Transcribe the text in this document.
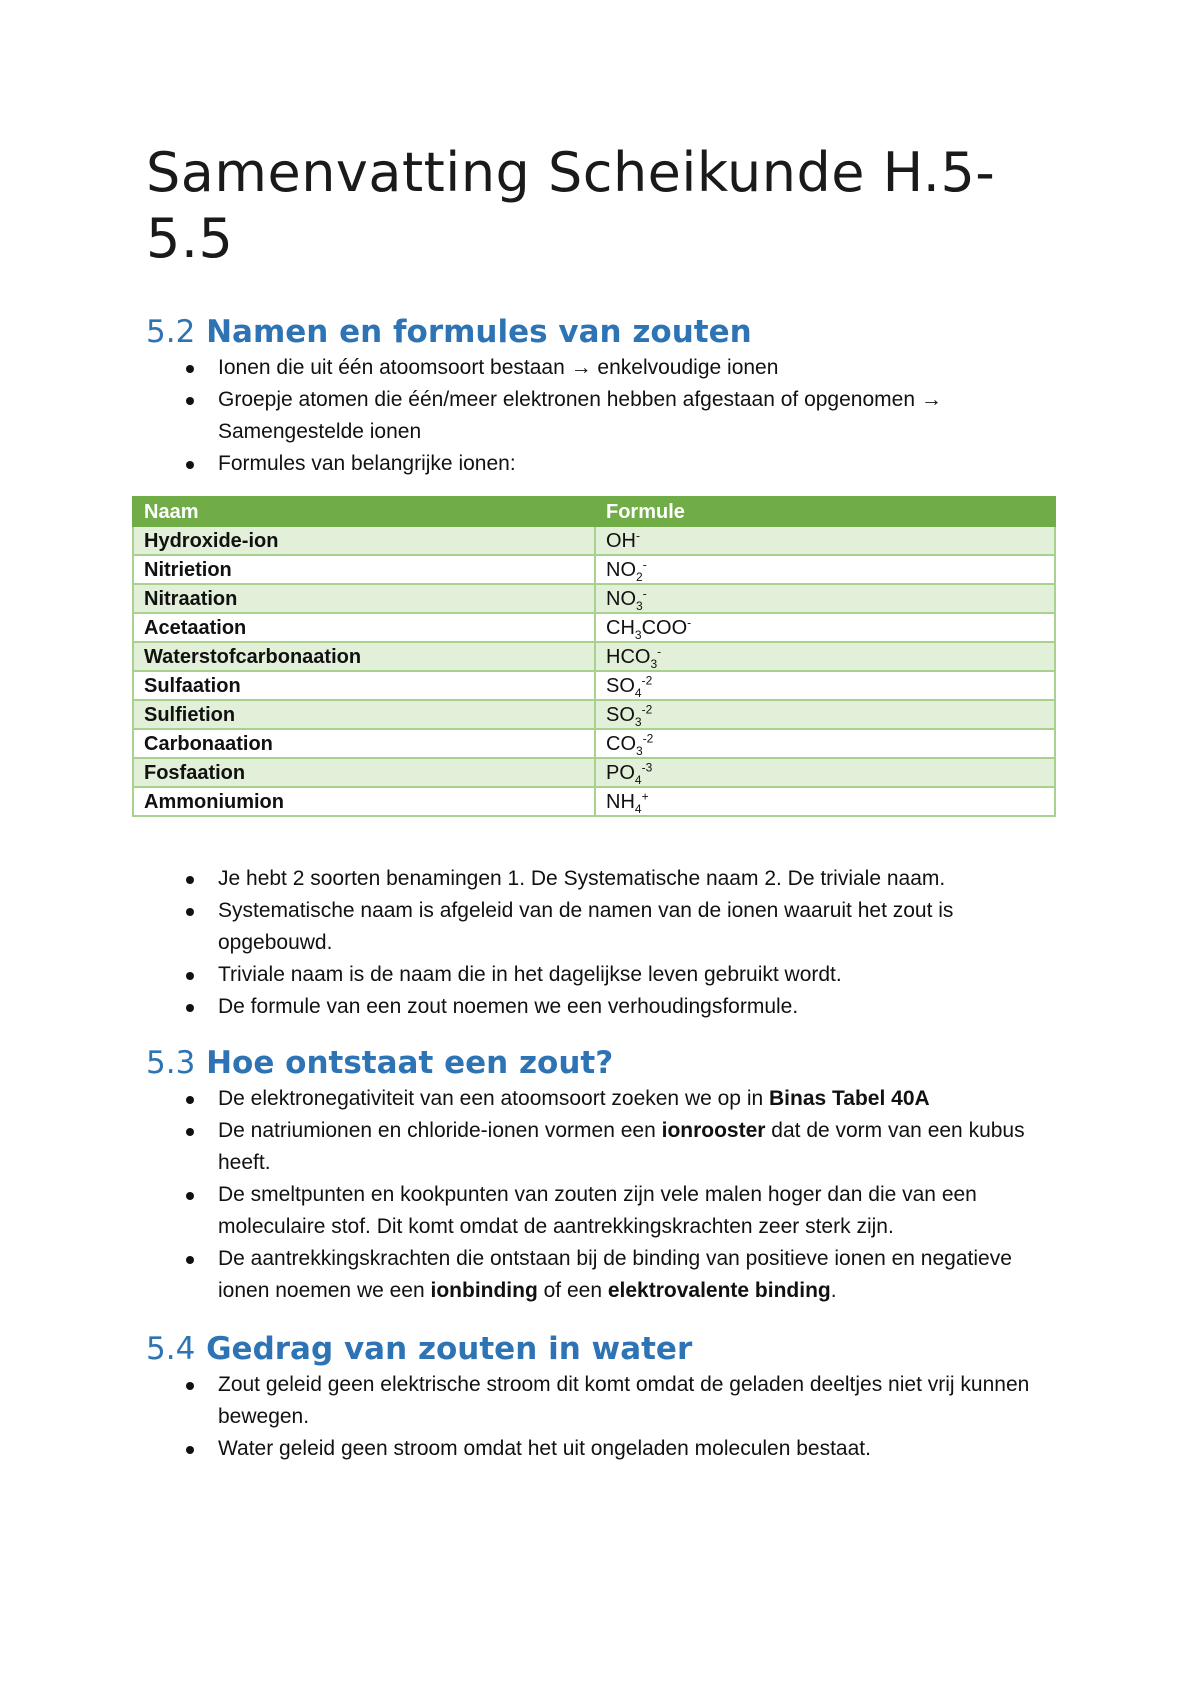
Samenvatting Scheikunde H.5-
5.5
5.2 Namen en formules van zouten
Ionen die uit één atoomsoort bestaan → enkelvoudige ionen
Groepje atomen die één/meer elektronen hebben afgestaan of opgenomen → Samengestelde ionen
Formules van belangrijke ionen:
Naam	Formule
Hydroxide-ion	OH-
Nitrietion	$NO_2^-$
Nitraation	$NO_3^-$
Acetaation	$CH_3COO^-$
Waterstofcarbonaation	$HCO_3^-$
Sulfaation	$SO_4^{-2}$
Sulfietion	$SO_3^{-2}$
Carbonaation	$CO_3^{-2}$
Fosfaation	$PO_4^{-3}$
Ammoniumion	$NH_4^+$
Je hebt 2 soorten benamingen 1. De Systematische naam 2. De triviale naam.
Systematische naam is afgeleid van de namen van de ionen waaruit het zout is opgebouwd.
Triviale naam is de naam die in het dagelijkse leven gebruikt wordt.
De formule van een zout noemen we een verhoudingsformule.
5.3 Hoe ontstaat een zout?
De elektronegativiteit van een atoomsoort zoeken we op in Binas Tabel 40A
De natriumionen en chloride-ionen vormen een ionrooster dat de vorm van een kubus heeft.
De smeltpunten en kookpunten van zouten zijn vele malen hoger dan die van een moleculaire stof. Dit komt omdat de aantrekkingskrachten zeer sterk zijn.
De aantrekkingskrachten die ontstaan bij de binding van positieve ionen en negatieve ionen noemen we een ionbinding of een elektrovalente binding.
5.4 Gedrag van zouten in water
Zout geleid geen elektrische stroom dit komt omdat de geladen deeltjes niet vrij kunnen bewegen.
Water geleid geen stroom omdat het uit ongeladen moleculen bestaat.
